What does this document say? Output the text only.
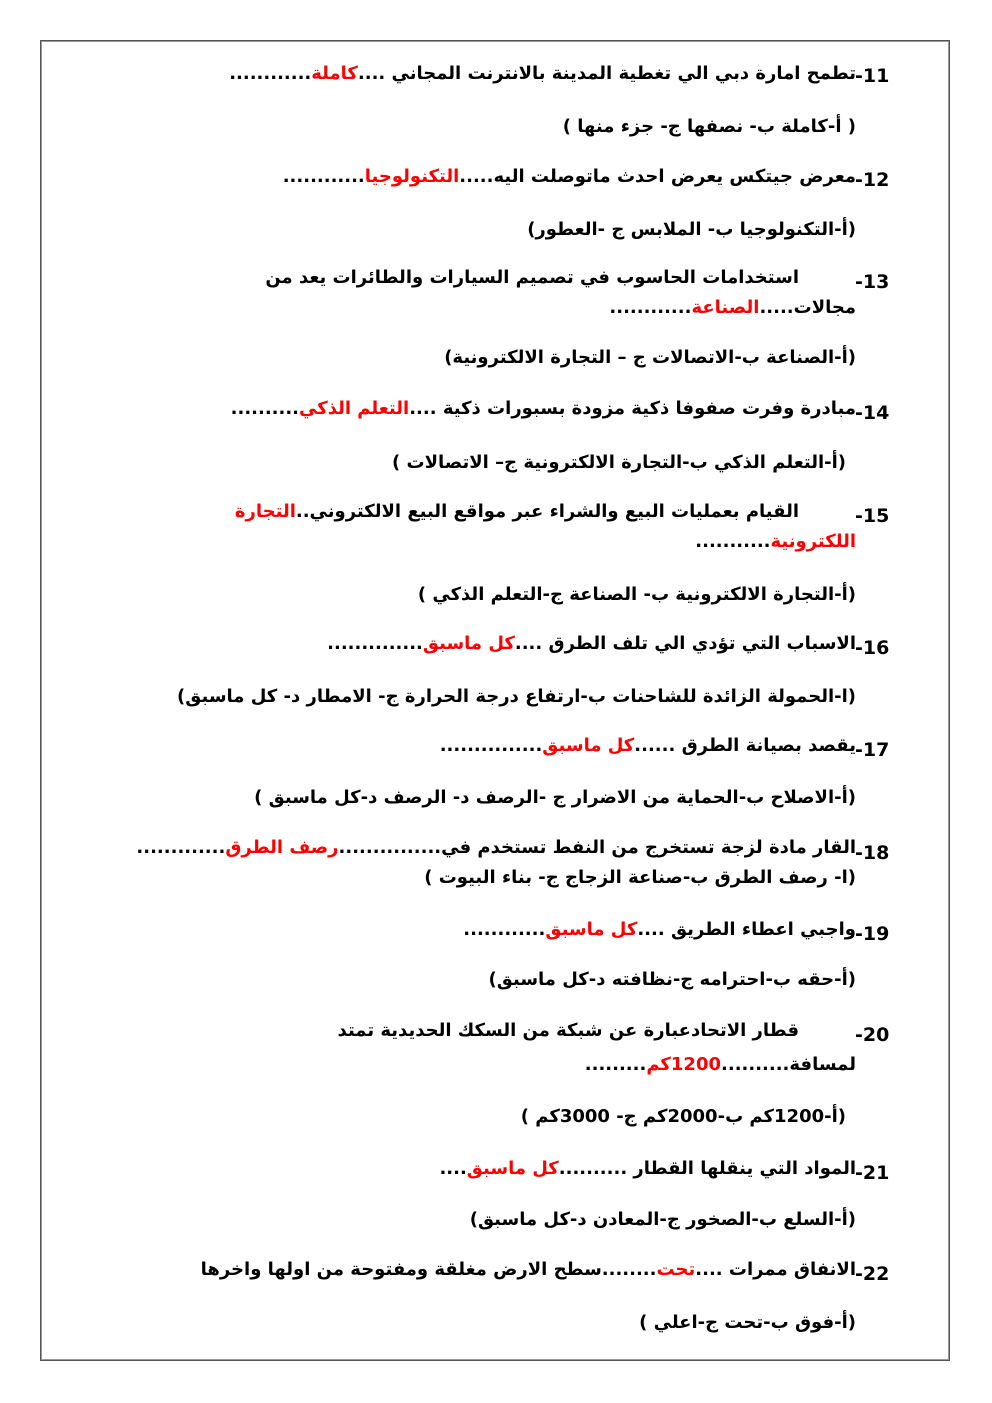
-11
تطمح امارة دبي الي تغطية المدينة بالانترنت المجاني ....كاملة............
( أ-كاملة ب- نصفها ج- جزء منها )
-12
معرض جيتكس يعرض احدث ماتوصلت اليه.....التكنولوجيا............
(أ-التكنولوجيا ب- الملابس ج -العطور)
-13
استخدامات الحاسوب في تصميم السيارات والطائرات يعد من
مجالات.....الصناعة............
(أ-الصناعة ب-الاتصالات ج – التجارة الالكترونية)
-14
مبادرة وفرت صفوفا ذكية مزودة بسبورات ذكية ....التعلم الذكي..........
(أ-التعلم الذكي ب-التجارة الالكترونية ج– الاتصالات )
-15
القيام بعمليات البيع والشراء عبر مواقع البيع الالكتروني..التجارة
اللكترونية...........
(أ-التجارة الالكترونية ب- الصناعة ج-التعلم الذكي )
-16
الاسباب التي تؤدي الي تلف الطرق ....كل ماسبق..............
(ا-الحمولة الزائدة للشاحنات ب-ارتفاع درجة الحرارة ج- الامطار د- كل ماسبق)
-17
يقصد بصيانة الطرق ......كل ماسبق...............
(أ-الاصلاح ب-الحماية من الاضرار ج -الرصف د- الرصف د-كل ماسبق )
-18
القار مادة لزجة تستخرج من النفط تستخدم في...............رصف الطرق.............
(ا- رصف الطرق ب-صناعة الزجاج ج- بناء البيوت )
-19
واجبي اعطاء الطريق ....كل ماسبق............
(أ-حقه ب-احترامه ج-نظافته د-كل ماسبق)
-20
قطار الاتحادعبارة عن شبكة من السكك الحديدية تمتد
لمسافة..........1200كم.........
(أ-1200كم ب-2000كم ج- 3000كم )
-21
المواد التي ينقلها القطار ..........كل ماسبق....
(أ-السلع ب-الصخور ج-المعادن د-كل ماسبق)
-22
الانفاق ممرات ....تحت........سطح الارض مغلقة ومفتوحة من اولها واخرها
(أ-فوق ب-تحت ج-اعلي )
